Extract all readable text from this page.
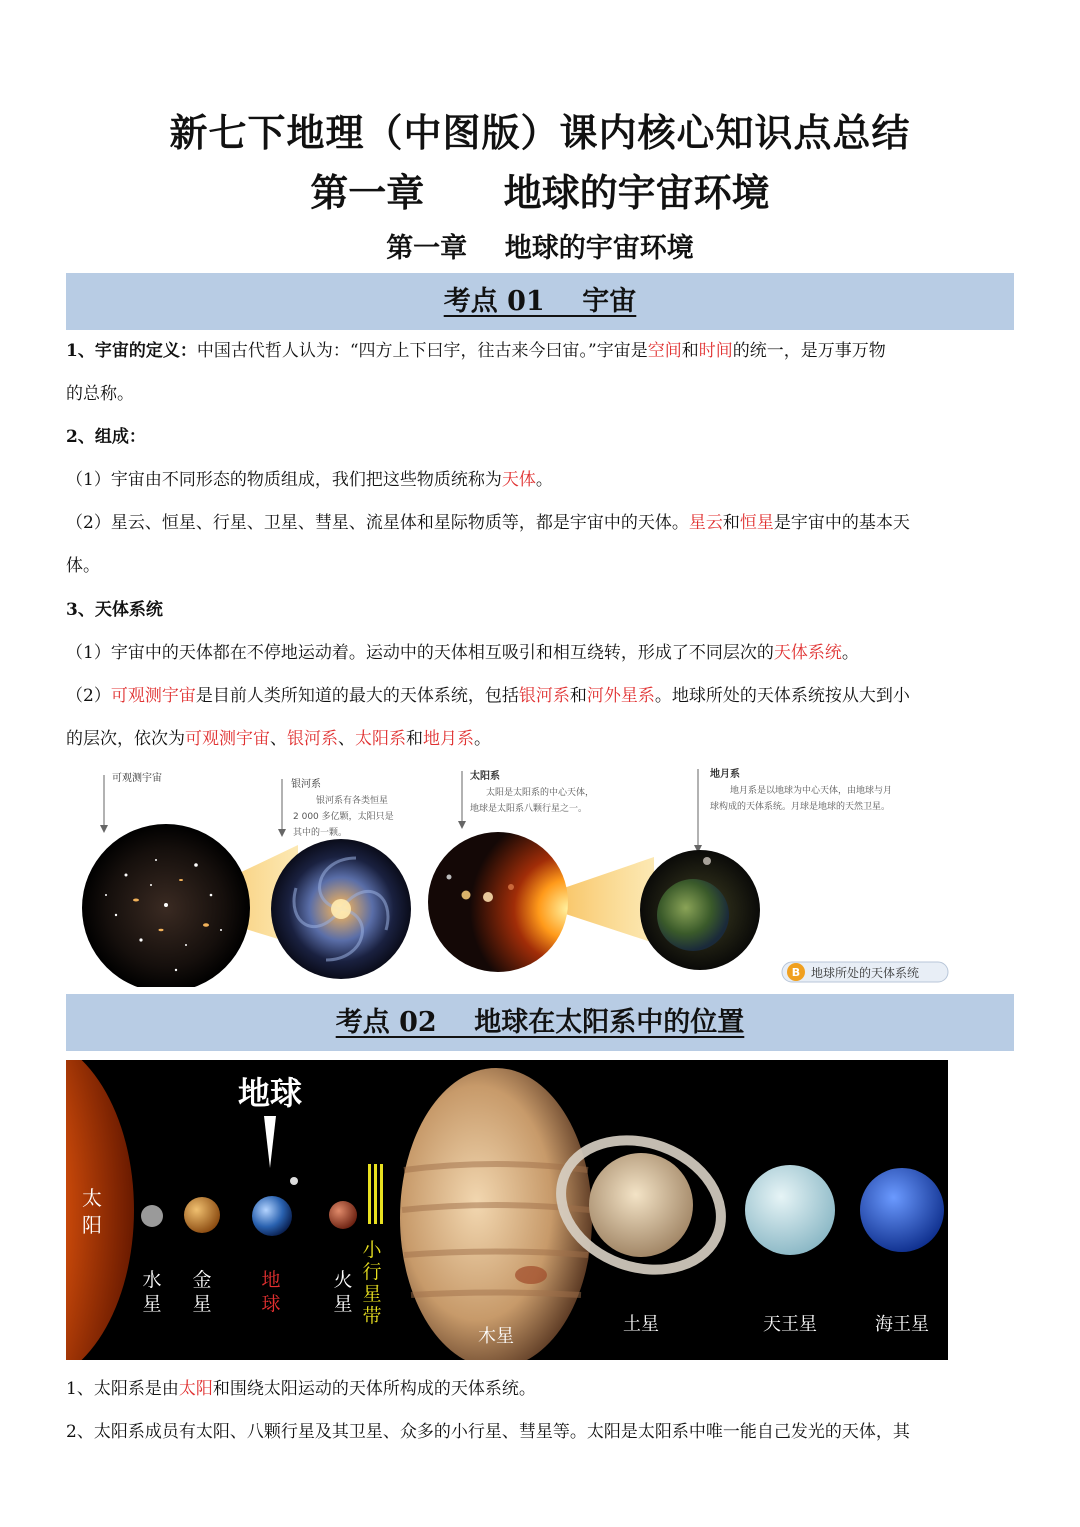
新七下地理（中图版）课内核心知识点总结
第一章      地球的宇宙环境
第一章    地球的宇宙环境
考点 01    宇宙
1、宇宙的定义：中国古代哲人认为：“四方上下曰宇，往古来今曰宙。”宇宙是空间和时间的统一，是万事万物
的总称。
2、组成：
（1）宇宙由不同形态的物质组成，我们把这些物质统称为天体。
（2）星云、恒星、行星、卫星、彗星、流星体和星际物质等，都是宇宙中的天体。星云和恒星是宇宙中的基本天
体。
3、天体系统
（1）宇宙中的天体都在不停地运动着。运动中的天体相互吸引和相互绕转，形成了不同层次的天体系统。
（2）可观测宇宙是目前人类所知道的最大的天体系统，包括银河系和河外星系。地球所处的天体系统按从大到小
的层次，依次为可观测宇宙、银河系、太阳系和地月系。
可观测宇宙
银河系
银河系有各类恒星
2 000 多亿颗，太阳只是
其中的一颗。
太阳系
太阳是太阳系的中心天体，
地球是太阳系八颗行星之一。
地月系
地月系是以地球为中心天体，由地球与月
球构成的天体系统。月球是地球的天然卫星。
B 地球所处的天体系统
考点 02    地球在太阳系中的位置
太
阳
地球
水
星
金
星
地
球
火
星
小
行
星
带
木星
土星	天王星	海王星
1、太阳系是由太阳和围绕太阳运动的天体所构成的天体系统。
2、太阳系成员有太阳、八颗行星及其卫星、众多的小行星、彗星等。太阳是太阳系中唯一能自己发光的天体，其
